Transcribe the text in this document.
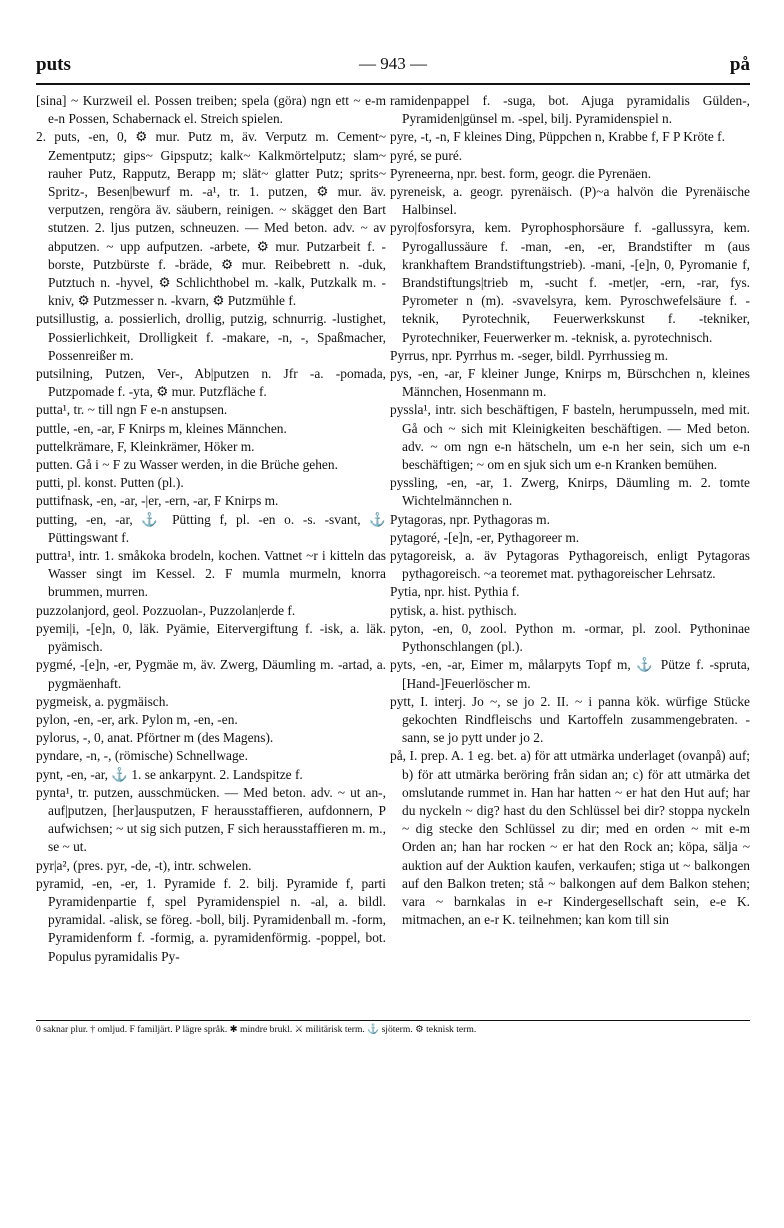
puts	— 943 —	på

[sina] ~ Kurzweil el. Possen treiben; spela (göra) ngn ett ~ e-m e-n Possen, Schabernack el. Streich spielen.

2. puts, -en, 0, ⚙ mur. Putz m, äv. Verputz m. Cement~ Zementputz; gips~ Gipsputz; kalk~ Kalkmörtelputz; slam~ rauher Putz, Rapputz, Berapp m; slät~ glatter Putz; sprits~ Spritz-, Besen|bewurf m. -a¹, tr. 1. putzen, ⚙ mur. äv. verputzen, rengöra äv. säubern, reinigen. ~ skägget den Bart stutzen. 2. ljus putzen, schneuzen. — Med beton. adv. ~ av abputzen. ~ upp aufputzen. -arbete, ⚙ mur. Putzarbeit f. -borste, Putzbürste f. -bräde, ⚙ mur. Reibebrett n. -duk, Putztuch n. -hyvel, ⚙ Schlichthobel m. -kalk, Putzkalk m. -kniv, ⚙ Putzmesser n. -kvarn, ⚙ Putzmühle f.

putsillustig, a. possierlich, drollig, putzig, schnurrig. -lustighet, Possierlichkeit, Drolligkeit f. -makare, -n, -, Spaßmacher, Possenreißer m.

putsilning, Putzen, Ver-, Ab|putzen n. Jfr -a. -pomada, Putzpomade f. -yta, ⚙ mur. Putzfläche f.

putta¹, tr. ~ till ngn F e-n anstupsen.

puttle, -en, -ar, F Knirps m, kleines Männchen.

puttelkrämare, F, Kleinkrämer, Höker m.

putten. Gå i ~ F zu Wasser werden, in die Brüche gehen.

putti, pl. konst. Putten (pl.).

puttifnask, -en, -ar, -|er, -ern, -ar, F Knirps m.

putting, -en, -ar, ⚓ Pütting f, pl. -en o. -s. -svant, ⚓ Püttingswant f.

puttra¹, intr. 1. småkoka brodeln, kochen. Vattnet ~r i kitteln das Wasser singt im Kessel. 2. F mumla murmeln, knorra brummen, murren.

puzzolanjord, geol. Pozzuolan-, Puzzolan|erde f.

pyemi|i, -[e]n, 0, läk. Pyämie, Eitervergiftung f. -isk, a. läk. pyämisch.

pygmé, -[e]n, -er, Pygmäe m, äv. Zwerg, Däumling m. -artad, a. pygmäenhaft.

pygmeisk, a. pygmäisch.

pylon, -en, -er, ark. Pylon m, -en, -en.

pylorus, -, 0, anat. Pförtner m (des Magens).

pyndare, -n, -, (römische) Schnellwage.

pynt, -en, -ar, ⚓ 1. se ankarpynt. 2. Landspitze f.

pynta¹, tr. putzen, ausschmücken. — Med beton. adv. ~ ut an-, auf|putzen, [her]ausputzen, F herausstaffieren, aufdonnern, P aufwichsen; ~ ut sig sich putzen, F sich herausstaffieren m. m., se ~ ut.

pyr|a², (pres. pyr, -de, -t), intr. schwelen.

pyramid, -en, -er, 1. Pyramide f. 2. bilj. Pyramide f, parti Pyramidenpartie f, spel Pyramidenspiel n. -al, a. bildl. pyramidal. -alisk, se föreg. -boll, bilj. Pyramidenball m. -form, Pyramidenform f. -formig, a. pyramidenförmig. -poppel, bot. Populus pyramidalis Py-

ramidenpappel f. -suga, bot. Ajuga pyramidalis Gülden-, Pyramiden|günsel m. -spel, bilj. Pyramidenspiel n.

pyre, -t, -n, F kleines Ding, Püppchen n, Krabbe f, F P Kröte f.

pyré, se puré.

Pyreneerna, npr. best. form, geogr. die Pyrenäen.

pyreneisk, a. geogr. pyrenäisch. (P)~a halvön die Pyrenäische Halbinsel.

pyro|fosforsyra, kem. Pyrophosphorsäure f. -gallussyra, kem. Pyrogallussäure f. -man, -en, -er, Brandstifter m (aus krankhaftem Brandstiftungstrieb). -mani, -[e]n, 0, Pyromanie f, Brandstiftungs|trieb m, -sucht f. -met|er, -ern, -rar, fys. Pyrometer n (m). -svavelsyra, kem. Pyroschwefelsäure f. -teknik, Pyrotechnik, Feuerwerkskunst f. -tekniker, Pyrotechniker, Feuerwerker m. -teknisk, a. pyrotechnisch.

Pyrrus, npr. Pyrrhus m. -seger, bildl. Pyrrhussieg m.

pys, -en, -ar, F kleiner Junge, Knirps m, Bürschchen n, kleines Männchen, Hosenmann m.

pyssla¹, intr. sich beschäftigen, F basteln, herumpusseln, med mit. Gå och ~ sich mit Kleinigkeiten beschäftigen. — Med beton. adv. ~ om ngn e-n hätscheln, um e-n her sein, sich um e-n beschäftigen; ~ om en sjuk sich um e-n Kranken bemühen.

pyssling, -en, -ar, 1. Zwerg, Knirps, Däumling m. 2. tomte Wichtelmännchen n.

Pytagoras, npr. Pythagoras m.

pytagoré, -[e]n, -er, Pythagoreer m.

pytagoreisk, a. äv Pytagoras Pythagoreisch, enligt Pytagoras pythagoreisch. ~a teoremet mat. pythagoreischer Lehrsatz.

Pytia, npr. hist. Pythia f.

pytisk, a. hist. pythisch.

pyton, -en, 0, zool. Python m. -ormar, pl. zool. Pythoninae Pythonschlangen (pl.).

pyts, -en, -ar, Eimer m, målarpyts Topf m, ⚓ Pütze f. -spruta, [Hand-]Feuerlöscher m.

pytt, I. interj. Jo ~, se jo 2. II. ~ i panna kök. würfige Stücke gekochten Rindfleischs und Kartoffeln zusammengebraten. -sann, se jo pytt under jo 2.

på, I. prep. A. 1 eg. bet. a) för att utmärka underlaget (ovanpå) auf; b) för att utmärka beröring från sidan an; c) för att utmärka det omslutande rummet in. Han har hatten ~ er hat den Hut auf; har du nyckeln ~ dig? hast du den Schlüssel bei dir? stoppa nyckeln ~ dig stecke den Schlüssel zu dir; med en orden ~ mit e-m Orden an; han har rocken ~ er hat den Rock an; köpa, sälja ~ auktion auf der Auktion kaufen, verkaufen; stiga ut ~ balkongen auf den Balkon treten; stå ~ balkongen auf dem Balkon stehen; vara ~ barnkalas in e-r Kindergesellschaft sein, e-e K. mitmachen, an e-r K. teilnehmen; kan kom till sin

0 saknar plur. † omljud. F familjärt. P lägre språk. ✱ mindre brukl. ⚔ militärisk term. ⚓ sjöterm. ⚙ teknisk term.
